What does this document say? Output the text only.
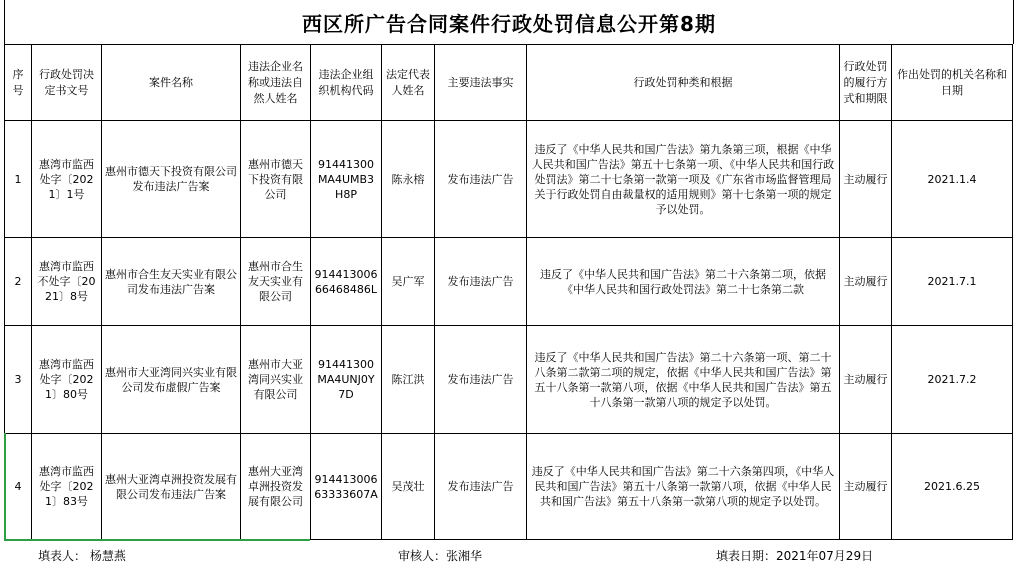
西区所广告合同案件行政处罚信息公开第8期
序号	行政处罚决定书文号	案件名称	违法企业名称或违法自然人姓名	违法企业组织机构代码	法定代表人姓名	主要违法事实	行政处罚种类和根据	行政处罚的履行方式和期限	作出处罚的机关名称和日期
1	惠湾市监西处字〔2021〕1号	惠州市德天下投资有限公司发布违法广告案	惠州市德天下投资有限公司	91441300MA4UMB3H8P	陈永榕	发布违法广告	违反了《中华人民共和国广告法》第九条第三项，根据《中华人民共和国广告法》第五十七条第一项、《中华人民共和国行政处罚法》第二十七条第一款第一项及《广东省市场监督管理局关于行政处罚自由裁量权的适用规则》第十七条第一项的规定予以处罚。	主动履行	2021.1.4
2	惠湾市监西不处字〔2021〕8号	惠州市合生友天实业有限公司发布违法广告案	惠州市合生友天实业有限公司	91441300666468486L	吴广军	发布违法广告	违反了《中华人民共和国广告法》第二十六条第二项，依据《中华人民共和国行政处罚法》第二十七条第二款	主动履行	2021.7.1
3	惠湾市监西处字〔2021〕80号	惠州市大亚湾同兴实业有限公司发布虚假广告案	惠州市大亚湾同兴实业有限公司	91441300MA4UNJ0Y7D	陈江洪	发布违法广告	违反了《中华人民共和国广告法》第二十六条第一项、第二十八条第二款第二项的规定，依据《中华人民共和国广告法》第五十八条第一款第八项，依据《中华人民共和国广告法》第五十八条第一款第八项的规定予以处罚。	主动履行	2021.7.2
4	惠湾市监西处字〔2021〕83号	惠州大亚湾卓洲投资发展有限公司发布违法广告案	惠州大亚湾卓洲投资发展有限公司	91441300663333607A	吴茂壮	发布违法广告	违反了《中华人民共和国广告法》第二十六条第四项，《中华人民共和国广告法》第五十八条第一款第八项，依据《中华人民共和国广告法》第五十八条第一款第八项的规定予以处罚。	主动履行	2021.6.25
填表人： 杨慧燕	审核人：张湘华	填表日期：2021年07月29日
